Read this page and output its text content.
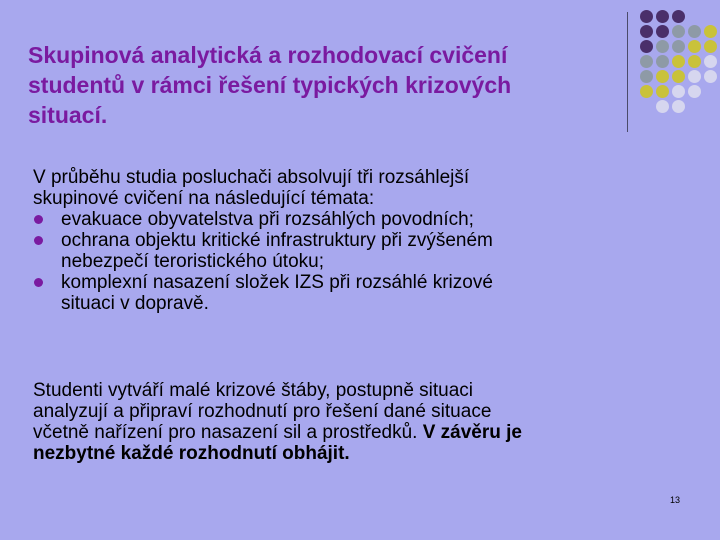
Skupinová analytická a rozhodovací cvičení
studentů v rámci řešení typických krizových
situací.
V průběhu studia posluchači absolvují tři rozsáhlejší
skupinové cvičení na následující témata:
evakuace obyvatelstva při rozsáhlých povodních;
ochrana objektu kritické infrastruktury při zvýšeném
nebezpečí teroristického útoku;
komplexní nasazení složek IZS při rozsáhlé krizové
situaci v dopravě.
Studenti vytváří malé krizové štáby, postupně situaci
analyzují a připraví rozhodnutí pro řešení dané situace
včetně nařízení pro nasazení sil a prostředků. V závěru je
nezbytné každé rozhodnutí obhájit.
13
